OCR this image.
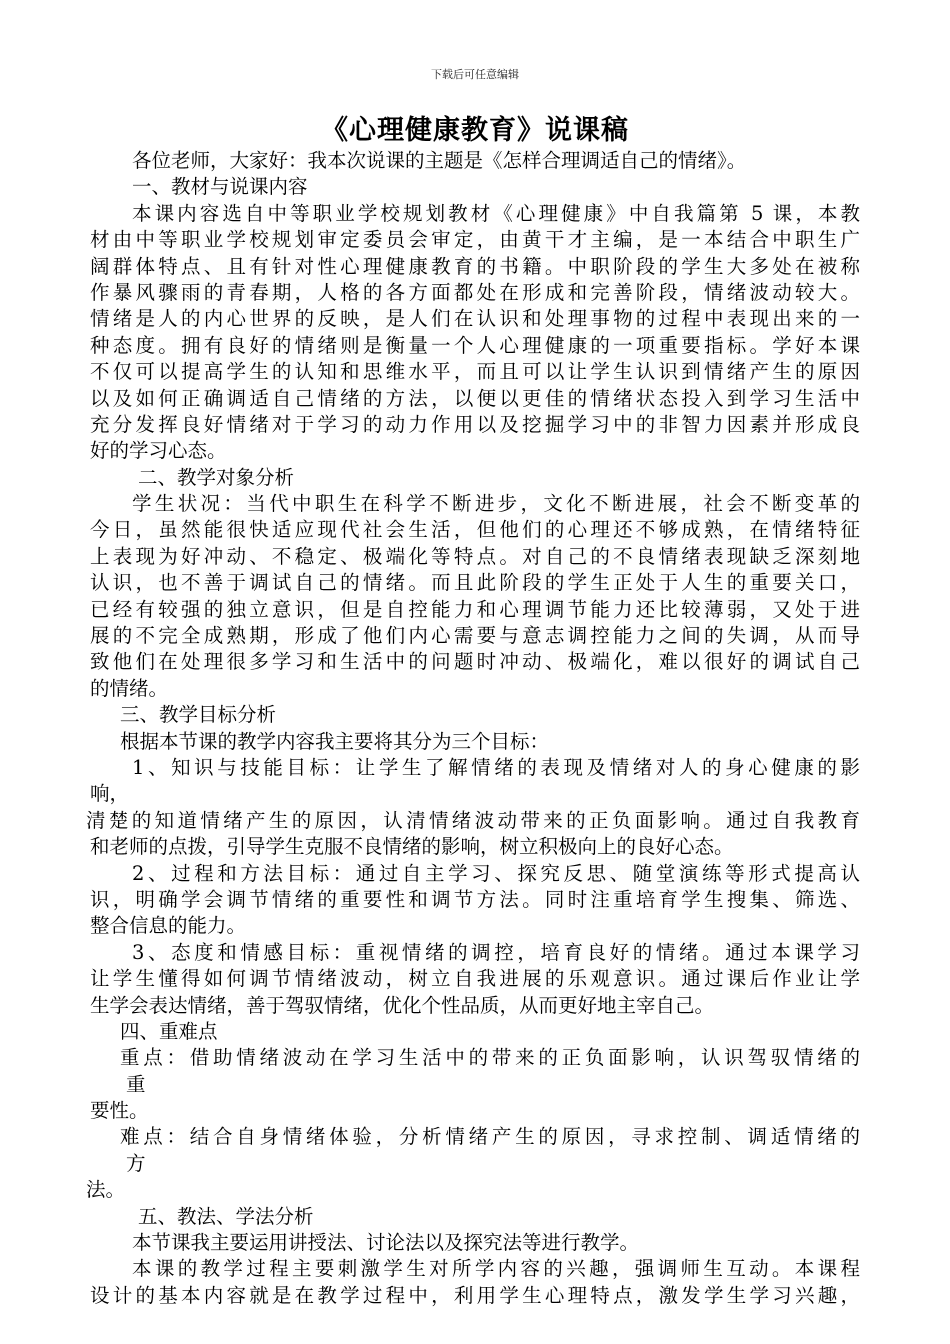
下载后可任意编辑
《心理健康教育》说课稿
各位老师，大家好：我本次说课的主题是《怎样合理调适自己的情绪》。
一、教材与说课内容
本课内容选自中等职业学校规划教材《心理健康》中自我篇第 5 课，本教
材由中等职业学校规划审定委员会审定，由黄干才主编，是一本结合中职生广
阔群体特点、且有针对性心理健康教育的书籍。中职阶段的学生大多处在被称
作暴风骤雨的青春期，人格的各方面都处在形成和完善阶段，情绪波动较大。
情绪是人的内心世界的反映，是人们在认识和处理事物的过程中表现出来的一
种态度。拥有良好的情绪则是衡量一个人心理健康的一项重要指标。学好本课
不仅可以提高学生的认知和思维水平，而且可以让学生认识到情绪产生的原因
以及如何正确调适自己情绪的方法，以便以更佳的情绪状态投入到学习生活中
充分发挥良好情绪对于学习的动力作用以及挖掘学习中的非智力因素并形成良
好的学习心态。
二、教学对象分析
学生状况：当代中职生在科学不断进步，文化不断进展，社会不断变革的
今日，虽然能很快适应现代社会生活，但他们的心理还不够成熟，在情绪特征
上表现为好冲动、不稳定、极端化等特点。对自己的不良情绪表现缺乏深刻地
认识，也不善于调试自己的情绪。而且此阶段的学生正处于人生的重要关口，
已经有较强的独立意识，但是自控能力和心理调节能力还比较薄弱，又处于进
展的不完全成熟期，形成了他们内心需要与意志调控能力之间的失调，从而导
致他们在处理很多学习和生活中的问题时冲动、极端化，难以很好的调试自己
的情绪。
三、教学目标分析
根据本节课的教学内容我主要将其分为三个目标：
1、知识与技能目标：让学生了解情绪的表现及情绪对人的身心健康的影
响，
清楚的知道情绪产生的原因，认清情绪波动带来的正负面影响。通过自我教育
和老师的点拨，引导学生克服不良情绪的影响，树立积极向上的良好心态。
2、过程和方法目标：通过自主学习、探究反思、随堂演练等形式提高认
识，明确学会调节情绪的重要性和调节方法。同时注重培育学生搜集、筛选、
整合信息的能力。
3、态度和情感目标：重视情绪的调控，培育良好的情绪。通过本课学习
让学生懂得如何调节情绪波动，树立自我进展的乐观意识。通过课后作业让学
生学会表达情绪，善于驾驭情绪，优化个性品质，从而更好地主宰自己。
四、重难点
重点：借助情绪波动在学习生活中的带来的正负面影响，认识驾驭情绪的
重
要性。
难点：结合自身情绪体验，分析情绪产生的原因，寻求控制、调适情绪的
方
法。
五、教法、学法分析
本节课我主要运用讲授法、讨论法以及探究法等进行教学。
本课的教学过程主要刺激学生对所学内容的兴趣，强调师生互动。本课程
设计的基本内容就是在教学过程中，利用学生心理特点，激发学生学习兴趣，
